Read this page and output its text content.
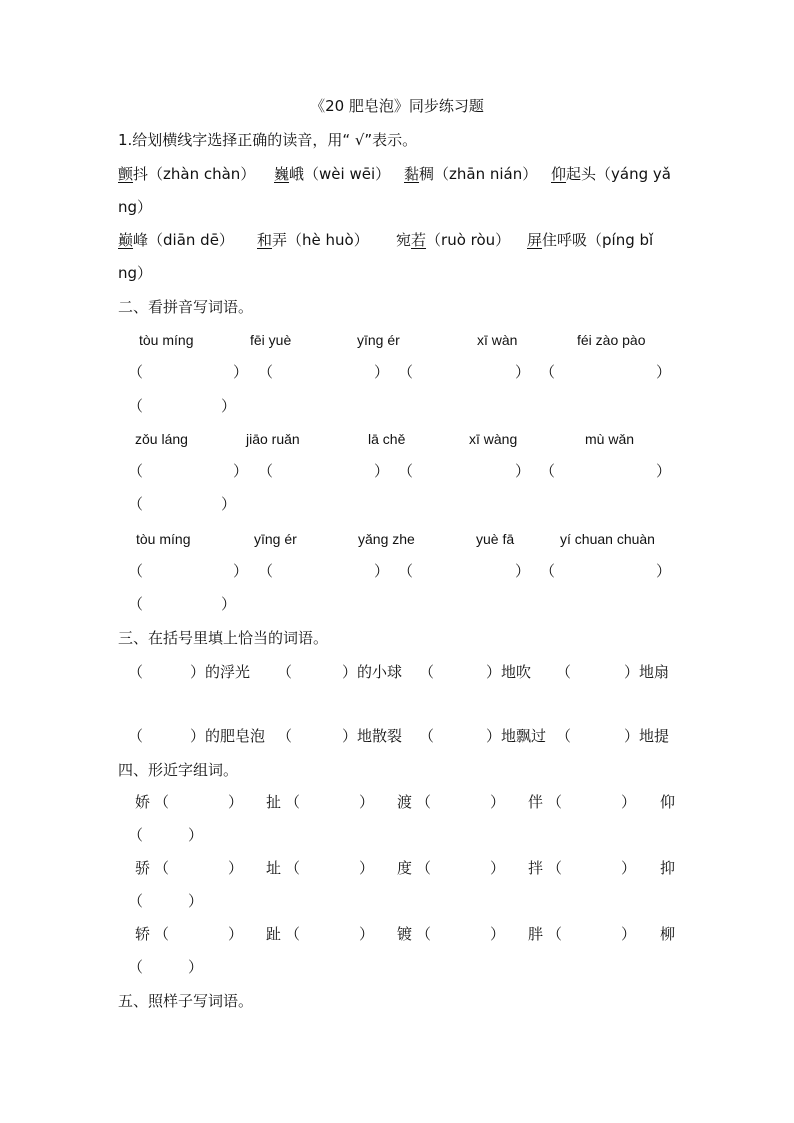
《20 肥皂泡》同步练习题
1.给划横线字选择正确的读音，用“ √”表示。
颤抖（zhàn chàn） 巍峨（wèi wēi） 黏稠（zhān nián） 仰起头（yáng yǎ
ng）
巅峰（diān dē） 和弄（hè huò） 宛若（ruò ròu） 屏住呼吸（píng bǐ
ng）
二、看拼音写词语。
tòu míng	fēi yuè	yīng ér	xī wàn	féi zào pào
（	） （	） （	） （	）
（	）
zǒu láng	jiāo ruǎn	lā chě	xī wàng	mù wǎn
（	） （	） （	） （	）
（	）
tòu míng	yīng ér	yǎng zhe	yuè fā	yí chuan chuàn
（	） （	） （	） （	）
（	）
三、在括号里填上恰当的词语。
（	）的浮光 （	）的小球 （	）地吹 （	）地扇
（	）的肥皂泡 （	）地散裂 （	）地飘过 （	）地提
四、形近字组词。
娇 （	） 扯 （	） 渡 （	） 伴 （	） 仰
（	）
骄 （	） 址 （	） 度 （	） 拌 （	） 抑
（	）
轿 （	） 趾 （	） 镀 （	） 胖 （	） 柳
（	）
五、照样子写词语。
